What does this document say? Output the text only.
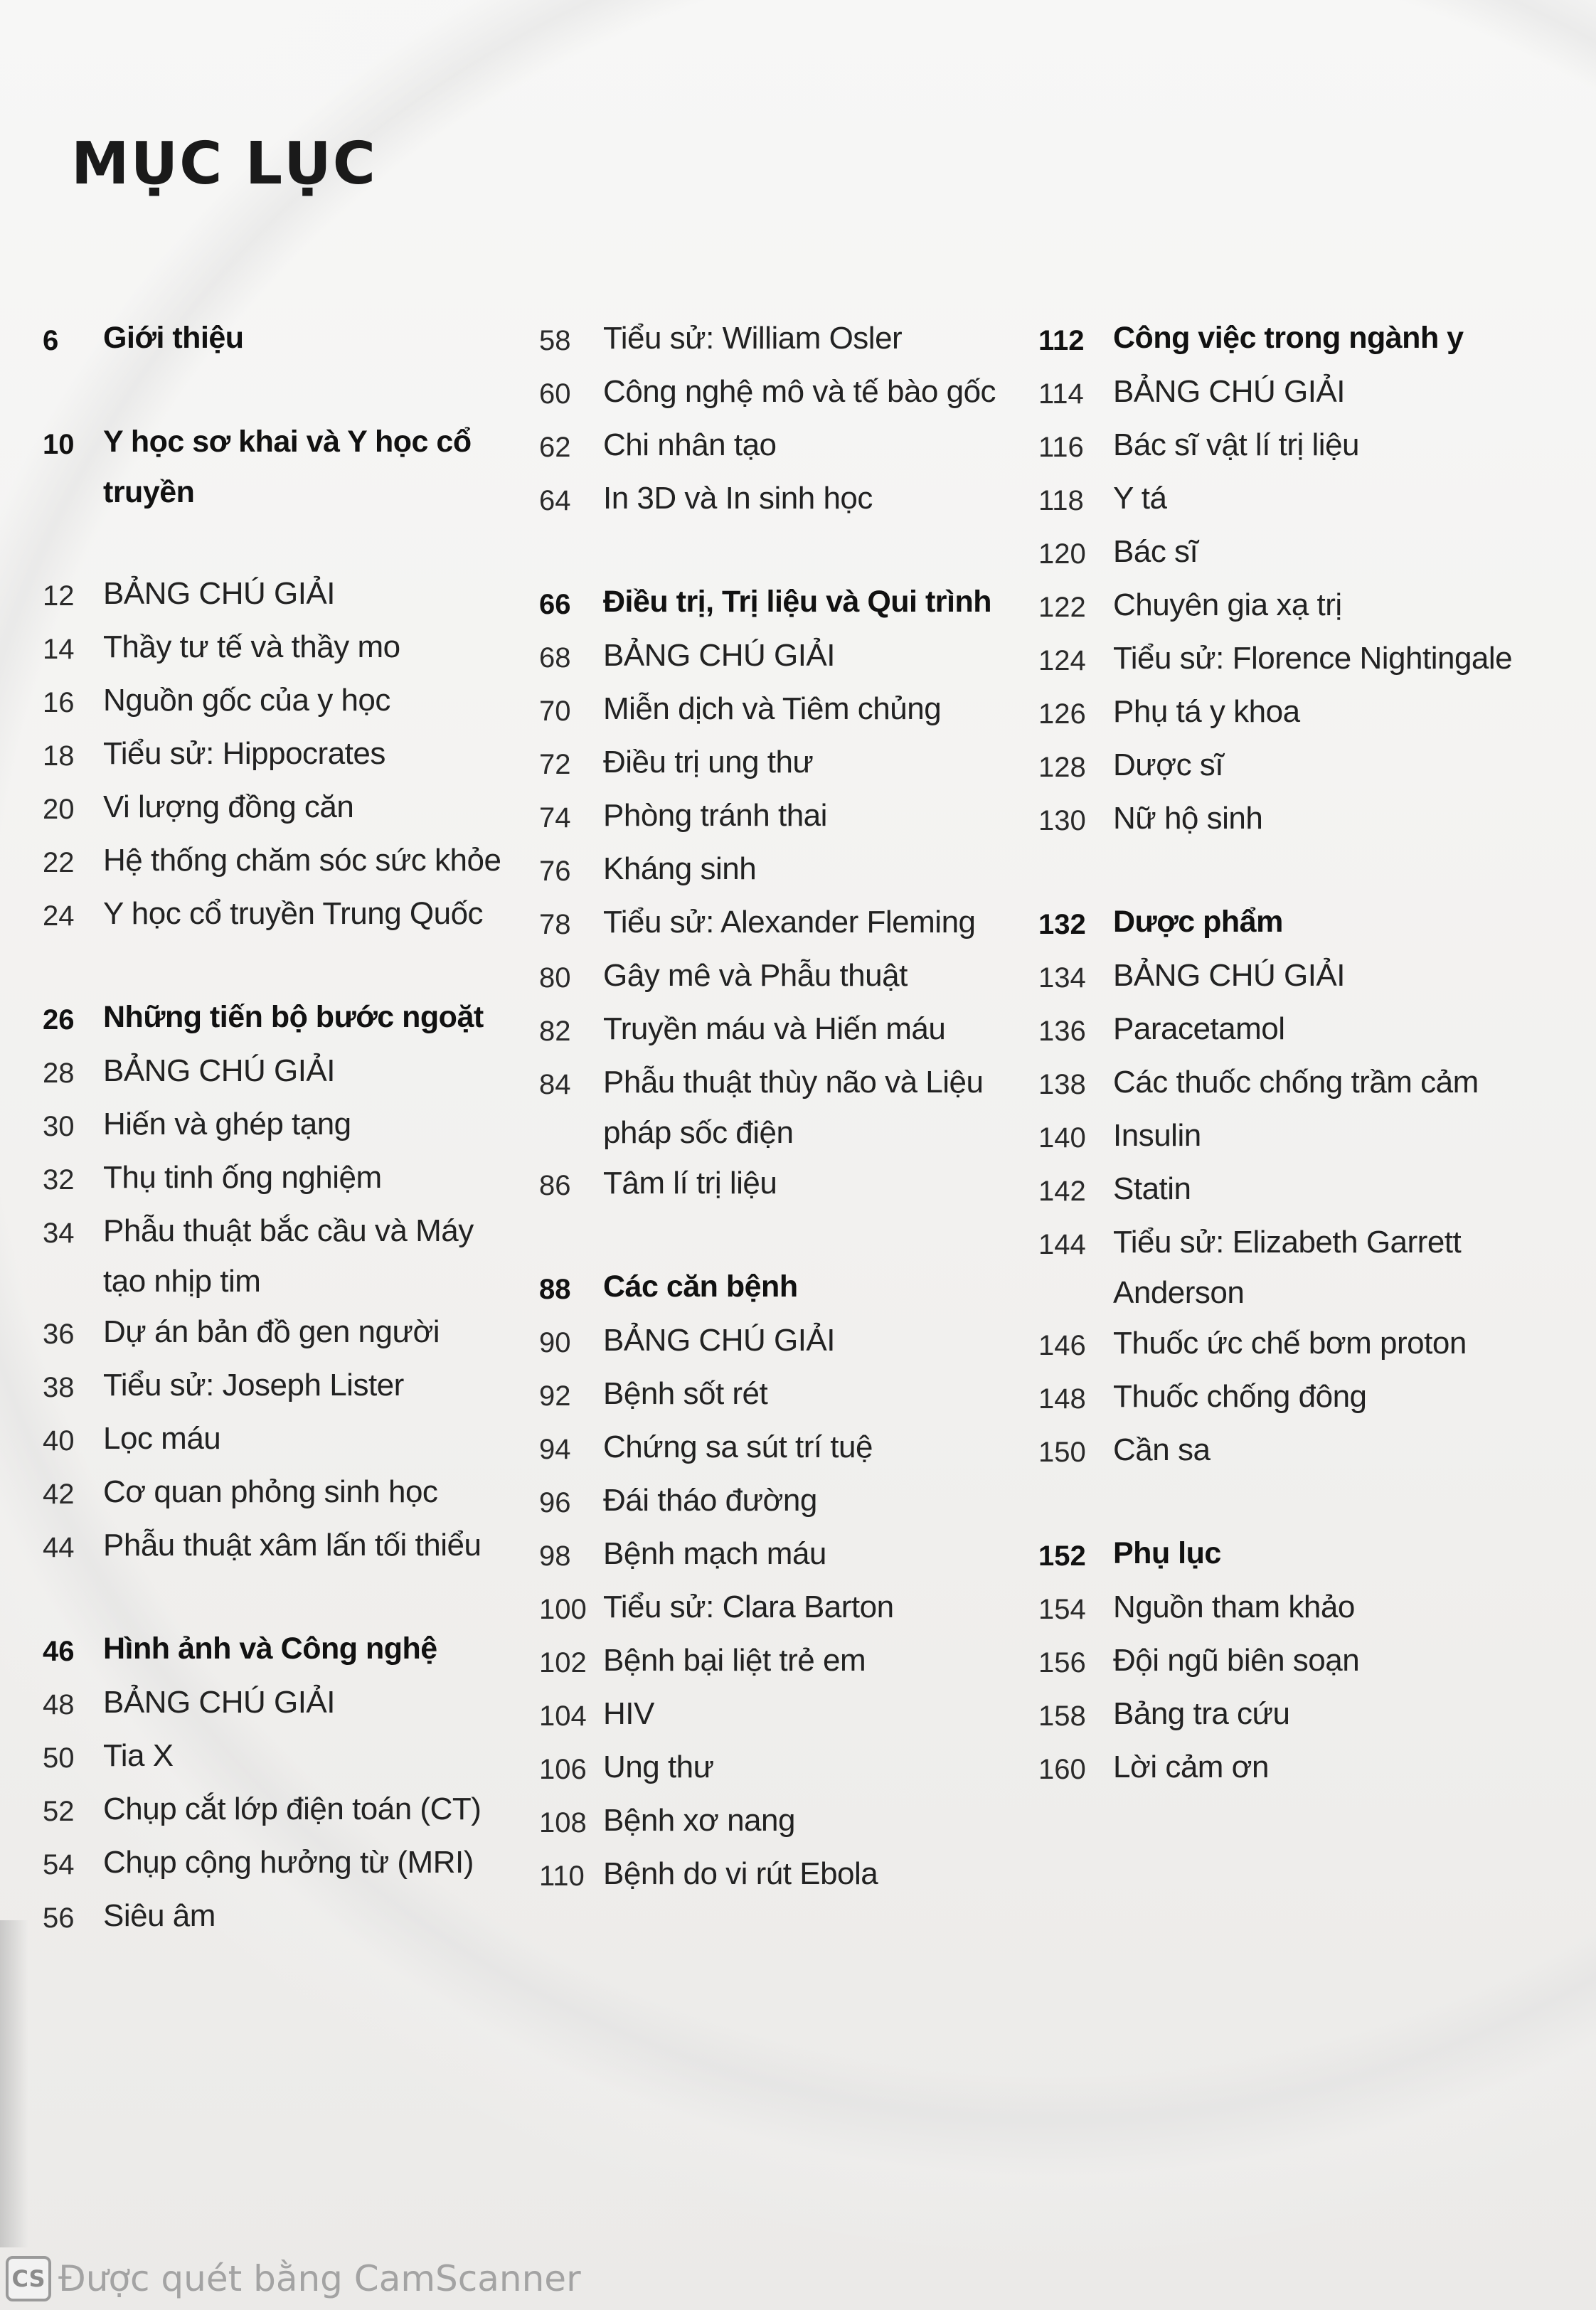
MỤC LỤC
6	Giới thiệu
10 Y học sơ khai và Y học cổ truyền
12 BẢNG CHÚ GIẢI
14 Thầy tư tế và thầy mo
16 Nguồn gốc của y học
18 Tiểu sử: Hippocrates
20 Vi lượng đồng căn
22 Hệ thống chăm sóc sức khỏe
24 Y học cổ truyền Trung Quốc
26 Những tiến bộ bước ngoặt
28 BẢNG CHÚ GIẢI
30 Hiến và ghép tạng
32 Thụ tinh ống nghiệm
34 Phẫu thuật bắc cầu và Máy tạo nhịp tim
36 Dự án bản đồ gen người
38 Tiểu sử: Joseph Lister
40 Lọc máu
42 Cơ quan phỏng sinh học
44 Phẫu thuật xâm lấn tối thiểu
46 Hình ảnh và Công nghệ
48 BẢNG CHÚ GIẢI
50 Tia X
52 Chụp cắt lớp điện toán (CT)
54 Chụp cộng hưởng từ (MRI)
56 Siêu âm
58	Tiểu sử: William Osler
60	Công nghệ mô và tế bào gốc
62	Chi nhân tạo
64	In 3D và In sinh học
66	Điều trị, Trị liệu và Qui trình
68	BẢNG CHÚ GIẢI
70	Miễn dịch và Tiêm chủng
72	Điều trị ung thư
74	Phòng tránh thai
76	Kháng sinh
78	Tiểu sử: Alexander Fleming
80	Gây mê và Phẫu thuật
82	Truyền máu và Hiến máu
84	Phẫu thuật thùy não và Liệu pháp sốc điện
86	Tâm lí trị liệu
88	Các căn bệnh
90	BẢNG CHÚ GIẢI
92	Bệnh sốt rét
94	Chứng sa sút trí tuệ
96	Đái tháo đường
98	Bệnh mạch máu
100 Tiểu sử: Clara Barton
102 Bệnh bại liệt trẻ em
104 HIV
106 Ung thư
108 Bệnh xơ nang
110 Bệnh do vi rút Ebola
112 Công việc trong ngành y
114 BẢNG CHÚ GIẢI
116 Bác sĩ vật lí trị liệu
118 Y tá
120 Bác sĩ
122 Chuyên gia xạ trị
124 Tiểu sử: Florence Nightingale
126 Phụ tá y khoa
128 Dược sĩ
130 Nữ hộ sinh
132 Dược phẩm
134 BẢNG CHÚ GIẢI
136 Paracetamol
138 Các thuốc chống trầm cảm
140 Insulin
142 Statin
144 Tiểu sử: Elizabeth Garrett Anderson
146 Thuốc ức chế bơm proton
148 Thuốc chống đông
150 Cần sa
152 Phụ lục
154 Nguồn tham khảo
156 Đội ngũ biên soạn
158 Bảng tra cứu
160 Lời cảm ơn
CS Được quét bằng CamScanner
